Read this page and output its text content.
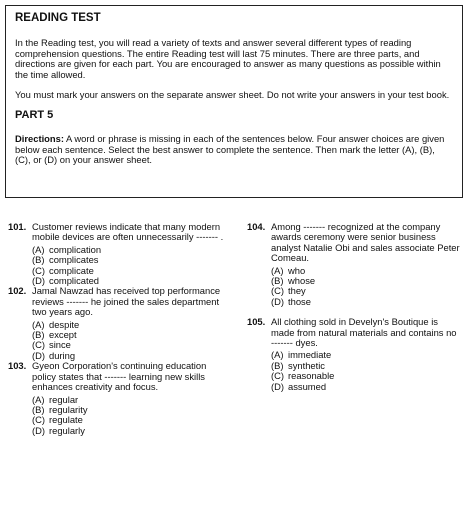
READING TEST

In the Reading test, you will read a variety of texts and answer several different types of reading comprehension questions. The entire Reading test will last 75 minutes. There are three parts, and directions are given for each part. You are encouraged to answer as many questions as possible within the time allowed.

You must mark your answers on the separate answer sheet. Do not write your answers in your test book.

PART 5

Directions: A word or phrase is missing in each of the sentences below. Four answer choices are given below each sentence. Select the best answer to complete the sentence. Then mark the letter (A), (B), (C), or (D) on your answer sheet.

101. Customer reviews indicate that many modern mobile devices are often unnecessarily ------- .
(A) complication
(B) complicates
(C) complicate
(D) complicated
102. Jamal Nawzad has received top performance reviews ------- he joined the sales department two years ago.
(A) despite
(B) except
(C) since
(D) during
103. Gyeon Corporation's continuing education policy states that ------- learning new skills enhances creativity and focus.
(A) regular
(B) regularity
(C) regulate
(D) regularly
104. Among ------- recognized at the company awards ceremony were senior business analyst Natalie Obi and sales associate Peter Comeau.
(A) who
(B) whose
(C) they
(D) those
105. All clothing sold in Develyn's Boutique is made from natural materials and contains no ------- dyes.
(A) immediate
(B) synthetic
(C) reasonable
(D) assumed
